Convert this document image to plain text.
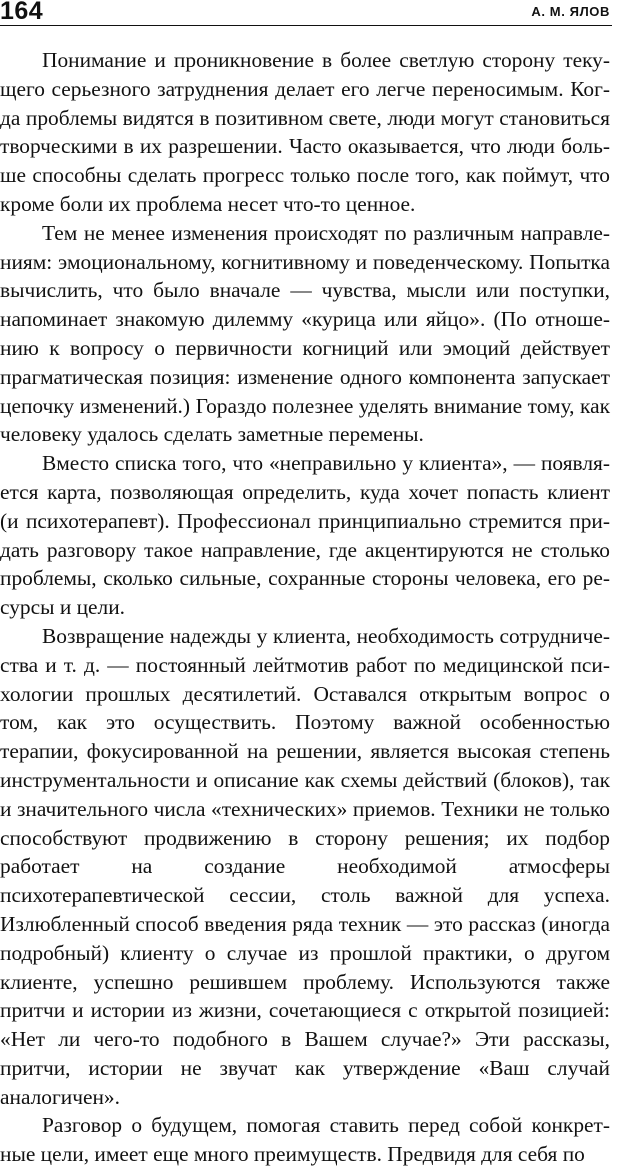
164	А. М. ЯЛОВ

Понимание и проникновение в более светлую сторону текущего серьезного затруднения делает его легче переносимым. Когда проблемы видятся в позитивном свете, люди могут становиться творческими в их разрешении. Часто оказывается, что люди больше способны сделать прогресс только после того, как поймут, что кроме боли их проблема несет что-то ценное.

Тем не менее изменения происходят по различным направлениям: эмоциональному, когнитивному и поведенческому. Попытка вычислить, что было вначале — чувства, мысли или поступки, напоминает знакомую дилемму «курица или яйцо». (По отношению к вопросу о первичности когниций или эмоций действует прагматическая позиция: изменение одного компонента запускает цепочку изменений.) Гораздо полезнее уделять внимание тому, как человеку удалось сделать заметные перемены.

Вместо списка того, что «неправильно у клиента», — появляется карта, позволяющая определить, куда хочет попасть клиент (и психотерапевт). Профессионал принципиально стремится придать разговору такое направление, где акцентируются не столько проблемы, сколько сильные, сохранные стороны человека, его ресурсы и цели.

Возвращение надежды у клиента, необходимость сотрудничества и т. д. — постоянный лейтмотив работ по медицинской психологии прошлых десятилетий. Оставался открытым вопрос о том, как это осуществить. Поэтому важной особенностью терапии, фокусированной на решении, является высокая степень инструментальности и описание как схемы действий (блоков), так и значительного числа «технических» приемов. Техники не только способствуют продвижению в сторону решения; их подбор работает на создание необходимой атмосферы психотерапевтической сессии, столь важной для успеха. Излюбленный способ введения ряда техник — это рассказ (иногда подробный) клиенту о случае из прошлой практики, о другом клиенте, успешно решившем проблему. Используются также притчи и истории из жизни, сочетающиеся с открытой позицией: «Нет ли чего-то подобного в Вашем случае?» Эти рассказы, притчи, истории не звучат как утверждение «Ваш случай аналогичен».

Разговор о будущем, помогая ставить перед собой конкретные цели, имеет еще много преимуществ. Предвидя для себя по
